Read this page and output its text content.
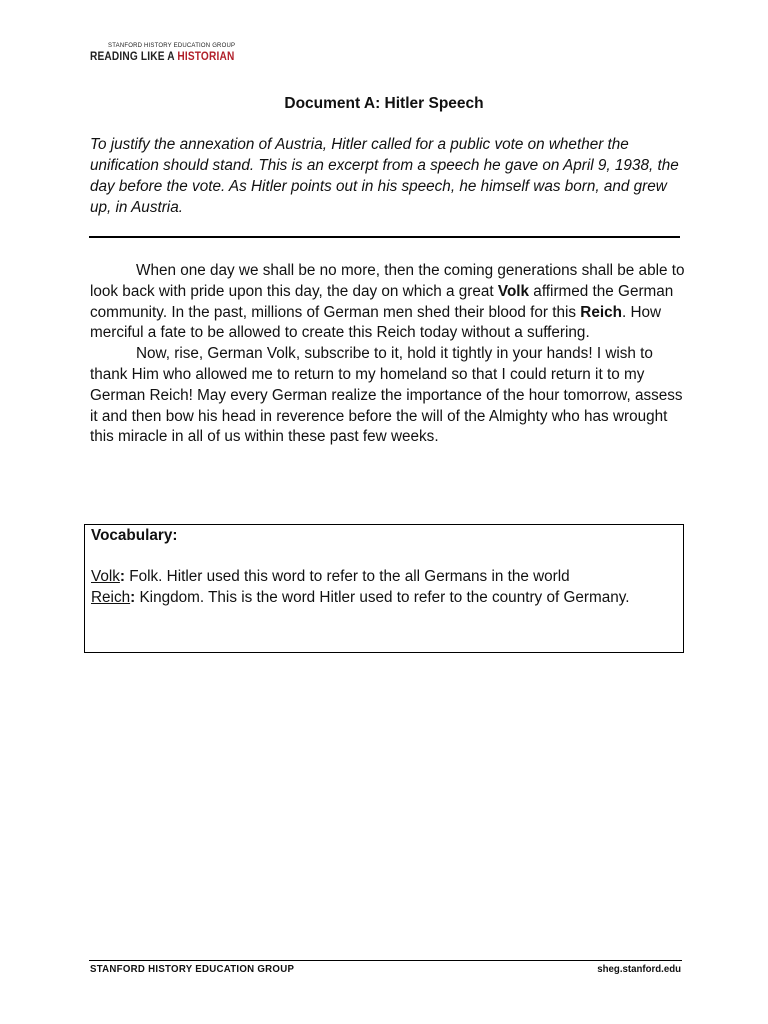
STANFORD HISTORY EDUCATION GROUP
READING LIKE A HISTORIAN
Document A: Hitler Speech
To justify the annexation of Austria, Hitler called for a public vote on whether the unification should stand. This is an excerpt from a speech he gave on April 9, 1938, the day before the vote. As Hitler points out in his speech, he himself was born, and grew up, in Austria.

When one day we shall be no more, then the coming generations shall be able to look back with pride upon this day, the day on which a great Volk affirmed the German community. In the past, millions of German men shed their blood for this Reich. How merciful a fate to be allowed to create this Reich today without a suffering.

Now, rise, German Volk, subscribe to it, hold it tightly in your hands! I wish to thank Him who allowed me to return to my homeland so that I could return it to my German Reich! May every German realize the importance of the hour tomorrow, assess it and then bow his head in reverence before the will of the Almighty who has wrought this miracle in all of us within these past few weeks.

Vocabulary:
Volk: Folk. Hitler used this word to refer to the all Germans in the world
Reich: Kingdom. This is the word Hitler used to refer to the country of Germany.
STANFORD HISTORY EDUCATION GROUP	sheg.stanford.edu
